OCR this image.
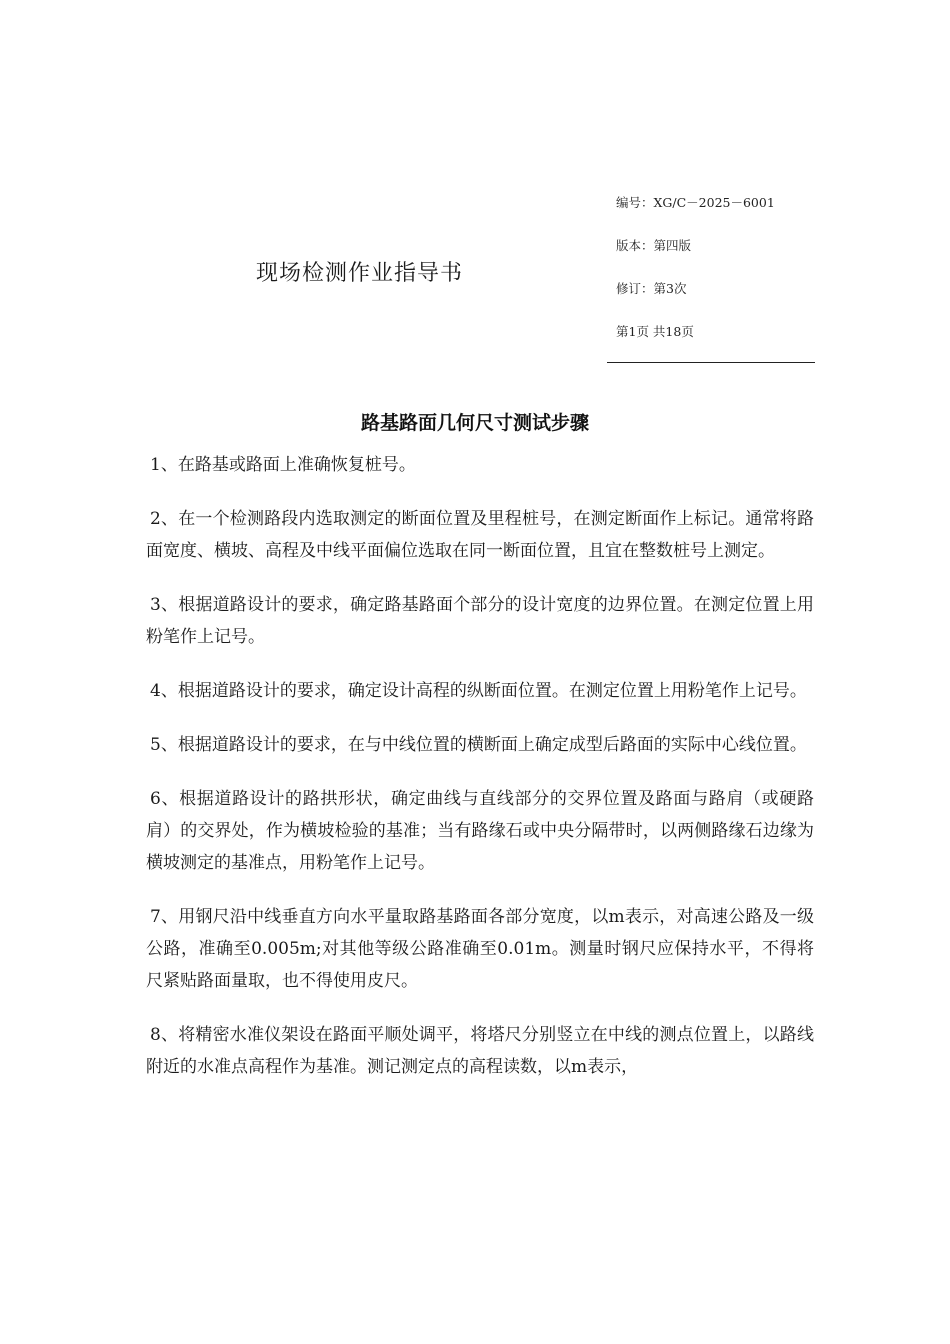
现场检测作业指导书
编号：XG/C－2025－6001
版本：第四版
修订：第3次
第1页 共18页
路基路面几何尺寸测试步骤

1、在路基或路面上准确恢复桩号。

2、在一个检测路段内选取测定的断面位置及里程桩号，在测定断面作上标记。通常将路面宽度、横坡、高程及中线平面偏位选取在同一断面位置，且宜在整数桩号上测定。

3、根据道路设计的要求，确定路基路面个部分的设计宽度的边界位置。在测定位置上用粉笔作上记号。

4、根据道路设计的要求，确定设计高程的纵断面位置。在测定位置上用粉笔作上记号。

5、根据道路设计的要求，在与中线位置的横断面上确定成型后路面的实际中心线位置。

6、根据道路设计的路拱形状，确定曲线与直线部分的交界位置及路面与路肩（或硬路肩）的交界处，作为横坡检验的基准；当有路缘石或中央分隔带时，以两侧路缘石边缘为横坡测定的基准点，用粉笔作上记号。

7、用钢尺沿中线垂直方向水平量取路基路面各部分宽度，以m表示，对高速公路及一级公路，准确至0.005m;对其他等级公路准确至0.01m。测量时钢尺应保持水平，不得将尺紧贴路面量取，也不得使用皮尺。

8、将精密水准仪架设在路面平顺处调平，将塔尺分别竖立在中线的测点位置上，以路线附近的水准点高程作为基准。测记测定点的高程读数，以m表示，
